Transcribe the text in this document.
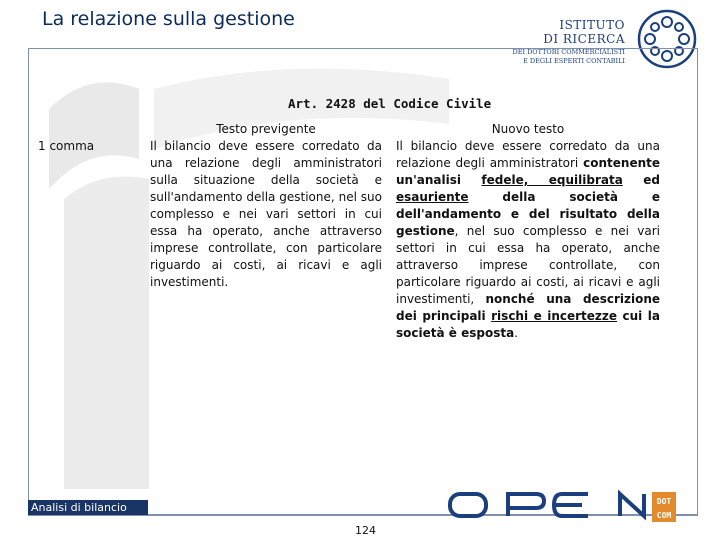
La relazione sulla gestione	ISTITUTO
DI RICERCA
DEI DOTTORI COMMERCIALISTI
E DEGLI ESPERTI CONTABILI
Art. 2428 del Codice Civile
1 comma
Testo previgente
Il bilancio deve essere corredato da una relazione degli amministratori sulla situazione della società e sull'andamento della gestione, nel suo complesso e nei vari settori in cui essa ha operato, anche attraverso imprese controllate, con particolare riguardo ai costi, ai ricavi e agli investimenti.
Nuovo testo
Il bilancio deve essere corredato da una relazione degli amministratori contenente un'analisi fedele, equilibrata ed esauriente della società e dell'andamento e del risultato della gestione, nel suo complesso e nei vari settori in cui essa ha operato, anche attraverso imprese controllate, con particolare riguardo ai costi, ai ricavi e agli investimenti, nonché una descrizione dei principali rischi e incertezze cui la società è esposta.
Analisi di bilancio
124
DOT
COM
